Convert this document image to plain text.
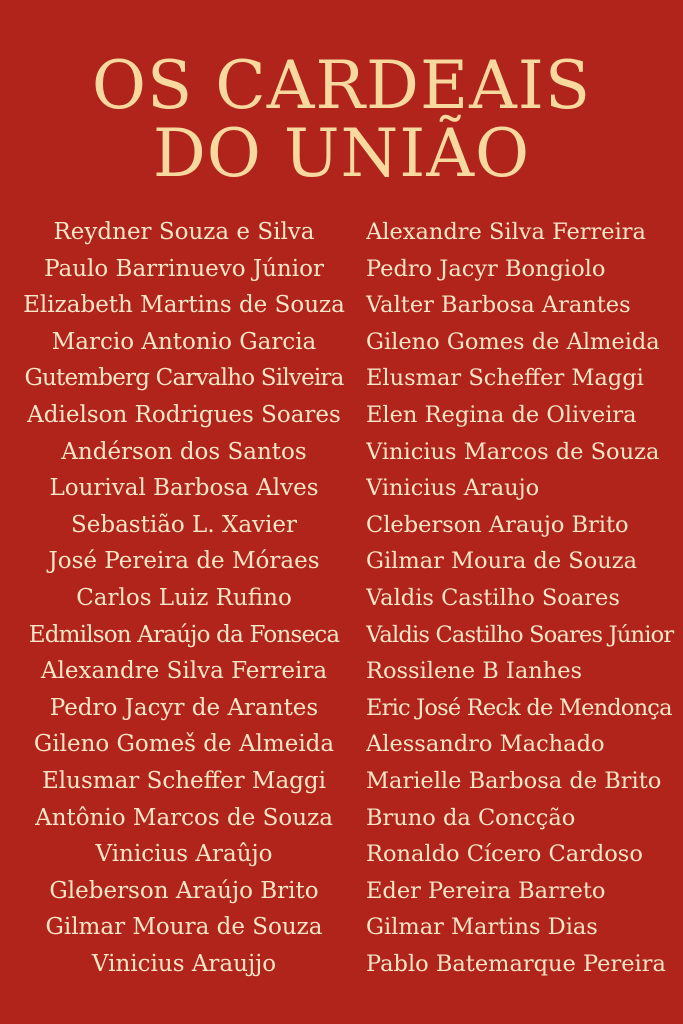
OS CARDEAIS
DO UNIÃO
Reydner Souza e Silva
Paulo Barrinuevo Júnior
Elizabeth Martins de Souza
Marcio Antonio Garcia
Gutemberg Carvalho Silveira
Adielson Rodrigues Soares
Andérson dos Santos
Lourival Barbosa Alves
Sebastião L. Xavier
José Pereira de Móraes
Carlos Luiz Rufino
Edmilson Araújo da Fonseca
Alexandre Silva Ferreira
Pedro Jacyr de Arantes
Gileno Gomeš de Almeida
Elusmar Scheffer Maggi
Antônio Marcos de Souza
Vinicius Araûjo
Gleberson Araújo Brito
Gilmar Moura de Souza
Vinicius Araujjo
Alexandre Silva Ferreira
Pedro Jacyr Bongiolo
Valter Barbosa Arantes
Gileno Gomes de Almeida
Elusmar Scheffer Maggi
Elen Regina de Oliveira
Vinicius Marcos de Souza
Vinicius Araujo
Cleberson Araujo Brito
Gilmar Moura de Souza
Valdis Castilho Soares
Valdis Castilho Soares Júnior
Rossilene B Ianhes
Eric José Reck de Mendonça
Alessandro Machado
Marielle Barbosa de Brito
Bruno da Concção
Ronaldo Cícero Cardoso
Eder Pereira Barreto
Gilmar Martins Dias
Pablo Batemarque Pereira
